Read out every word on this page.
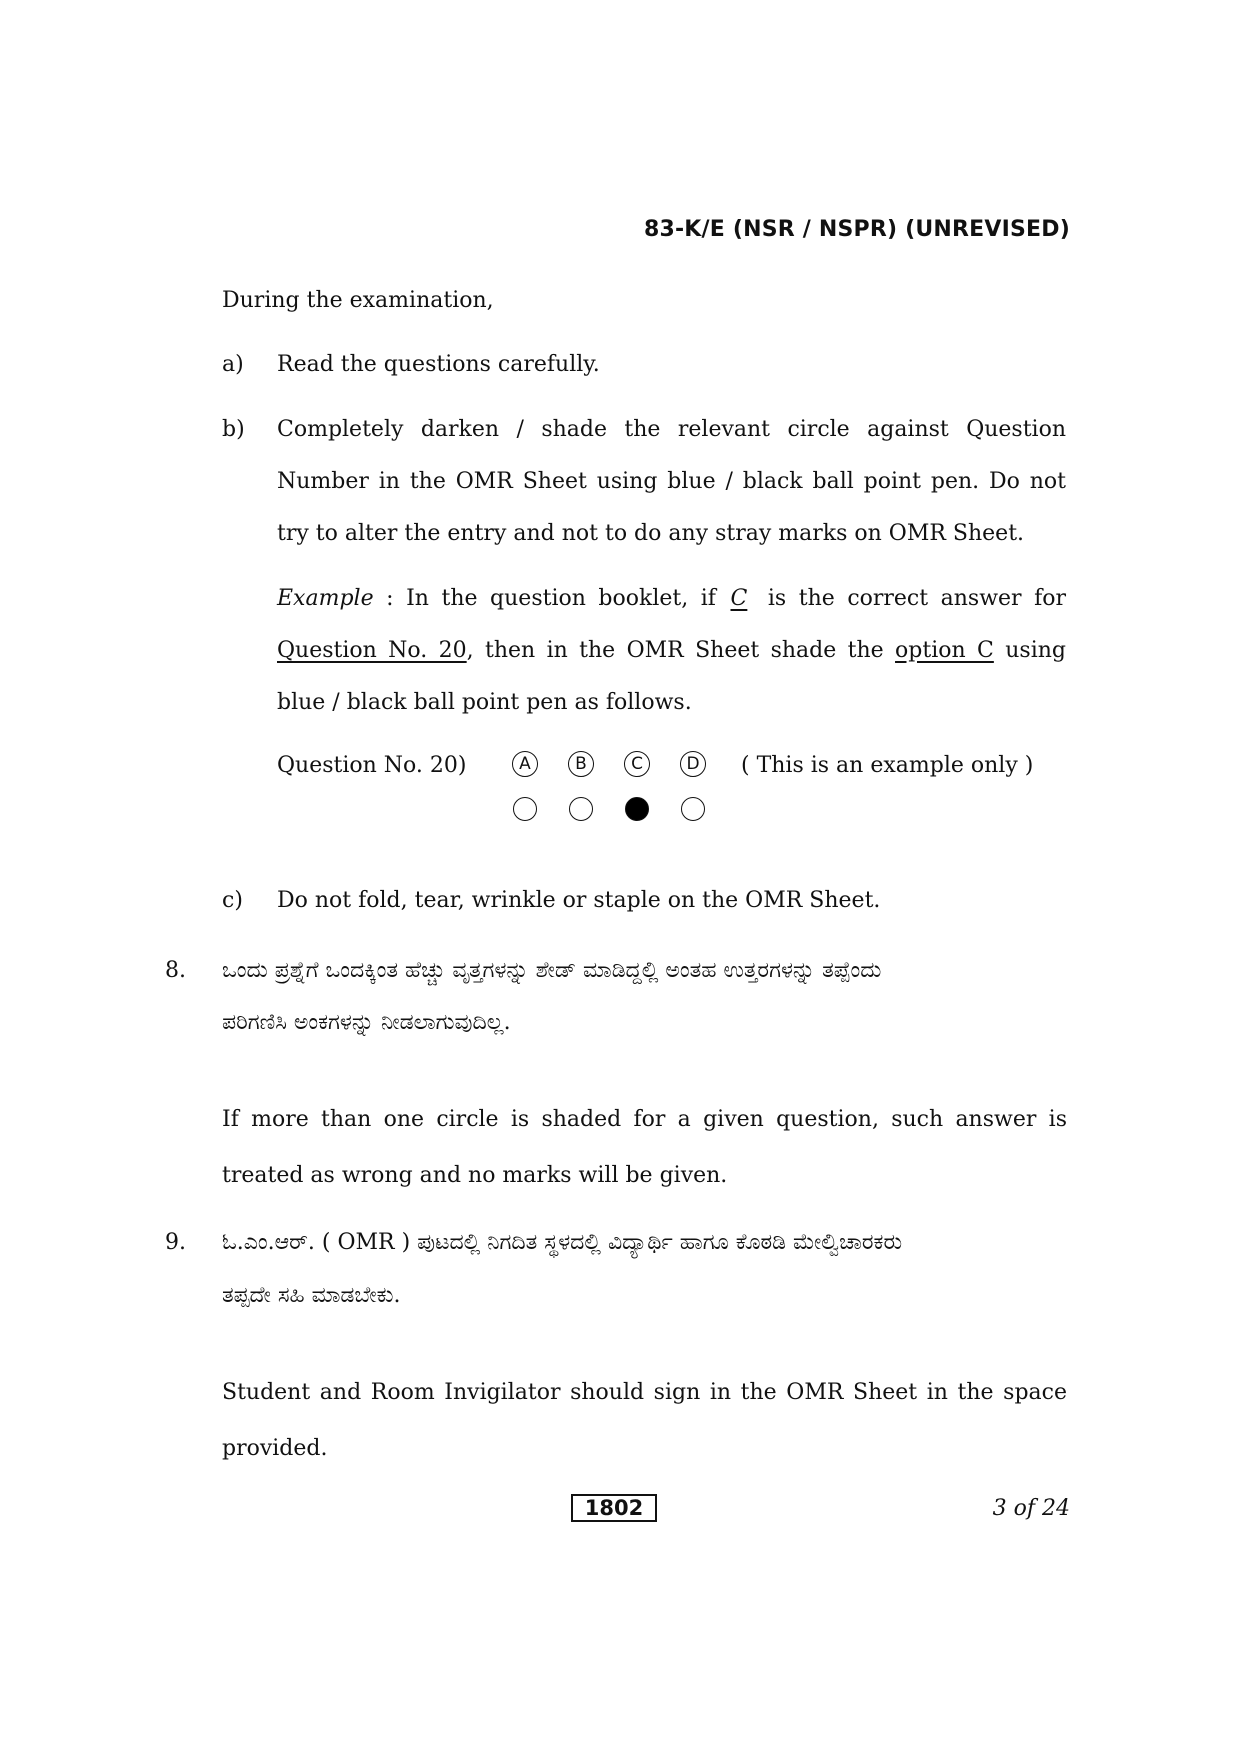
83-K/E (NSR / NSPR) (UNREVISED)
During the examination,
a) Read the questions carefully.
b) Completely darken / shade the relevant circle against Question
Number in the OMR Sheet using blue / black ball point pen. Do not
try to alter the entry and not to do any stray marks on OMR Sheet.
Example : In the question booklet, if C is the correct answer for
Question No. 20, then in the OMR Sheet shade the option C using
blue / black ball point pen as follows.
Question No. 20)	A	B	C	D ( This is an example only )
c) Do not fold, tear, wrinkle or staple on the OMR Sheet.
8. ಒಂದು ಪ್ರಶ್ನೆಗೆ ಒಂದಕ್ಕಿಂತ ಹೆಚ್ಚು ವೃತ್ತಗಳನ್ನು ಶೇಡ್ ಮಾಡಿದ್ದಲ್ಲಿ ಅಂತಹ ಉತ್ತರಗಳನ್ನು ತಪ್ಪೆಂದು
ಪರಿಗಣಿಸಿ ಅಂಕಗಳನ್ನು ನೀಡಲಾಗುವುದಿಲ್ಲ.
If more than one circle is shaded for a given question, such answer is
treated as wrong and no marks will be given.
9. ಓ.ಎಂ.ಆರ್. ( OMR ) ಪುಟದಲ್ಲಿ ನಿಗದಿತ ಸ್ಥಳದಲ್ಲಿ ವಿದ್ಯಾರ್ಥಿ ಹಾಗೂ ಕೊಠಡಿ ಮೇಲ್ವಿಚಾರಕರು
ತಪ್ಪದೇ ಸಹಿ ಮಾಡಬೇಕು.
Student and Room Invigilator should sign in the OMR Sheet in the space
provided.
1802	3 of 24
